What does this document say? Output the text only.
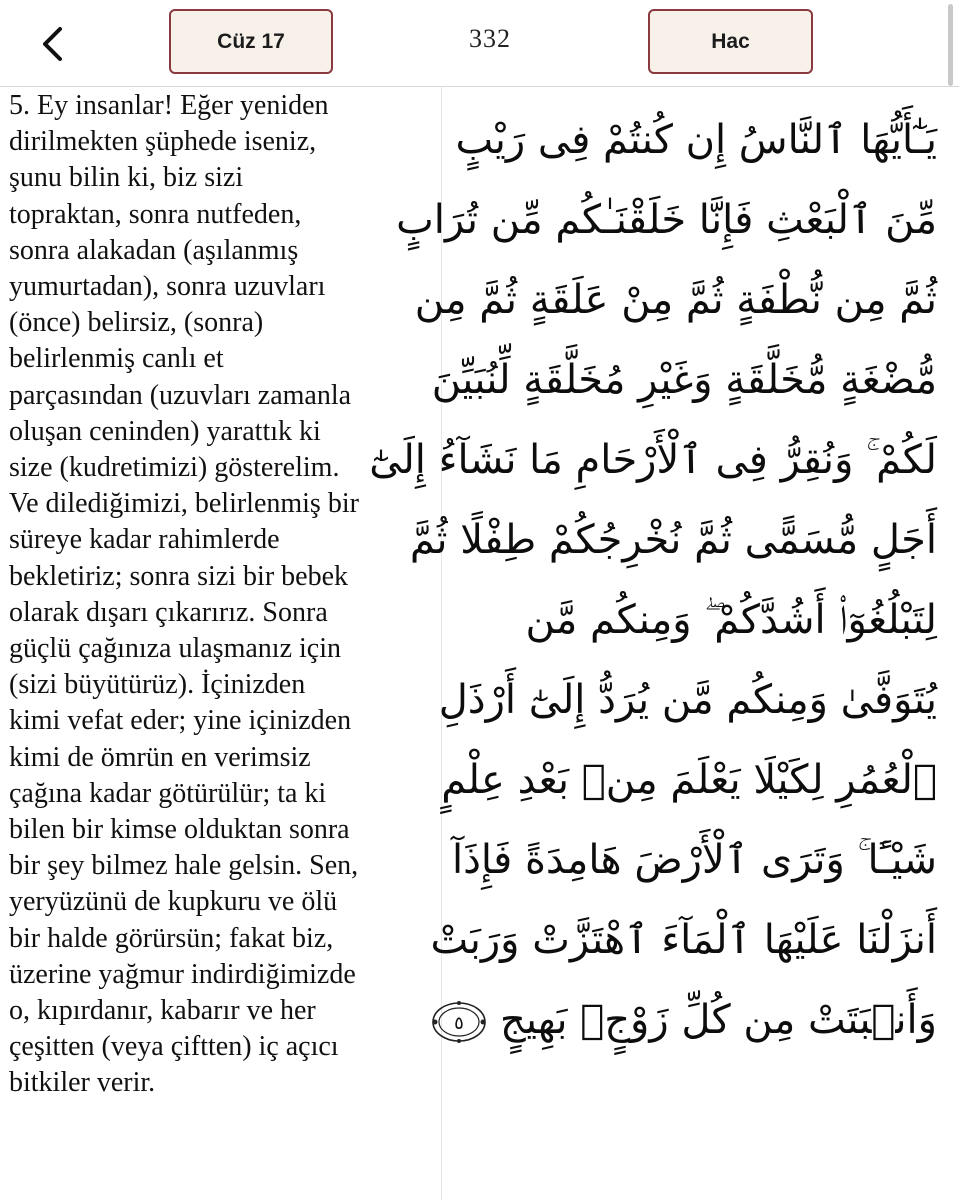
Cüz 17	332	Hac

5. Ey insanlar! Eğer yeniden
dirilmekten şüphede iseniz,
şunu bilin ki, biz sizi
topraktan, sonra nutfeden,
sonra alakadan (aşılanmış
yumurtadan), sonra uzuvları
(önce) belirsiz, (sonra)
belirlenmiş canlı et
parçasından (uzuvları zamanla
oluşan ceninden) yarattık ki
size (kudretimizi) gösterelim.
Ve dilediğimizi, belirlenmiş bir
süreye kadar rahimlerde
bekletiriz; sonra sizi bir bebek
olarak dışarı çıkarırız. Sonra
güçlü çağınıza ulaşmanız için
(sizi büyütürüz). İçinizden
kimi vefat eder; yine içinizden
kimi de ömrün en verimsiz
çağına kadar götürülür; ta ki
bilen bir kimse olduktan sonra
bir şey bilmez hale gelsin. Sen,
yeryüzünü de kupkuru ve ölü
bir halde görürsün; fakat biz,
üzerine yağmur indirdiğimizde
o, kıpırdanır, kabarır ve her
çeşitten (veya çiftten) iç açıcı
bitkiler verir.

يَـٰٓأَيُّهَا ٱلنَّاسُ إِن كُنتُمْ فِى رَيْبٍ
مِّنَ ٱلْبَعْثِ فَإِنَّا خَلَقْنَـٰكُم مِّن تُرَابٍ
ثُمَّ مِن نُّطْفَةٍ ثُمَّ مِنْ عَلَقَةٍ ثُمَّ مِن
مُّضْغَةٍ مُّخَلَّقَةٍ وَغَيْرِ مُخَلَّقَةٍ لِّنُبَيِّنَ
لَكُمْ ۚ وَنُقِرُّ فِى ٱلْأَرْحَامِ مَا نَشَآءُ إِلَىٰٓ
أَجَلٍ مُّسَمًّى ثُمَّ نُخْرِجُكُمْ طِفْلًا ثُمَّ
لِتَبْلُغُوٓا۟ أَشُدَّكُمْ ۖ وَمِنكُم مَّن
يُتَوَفَّىٰ وَمِنكُم مَّن يُرَدُّ إِلَىٰٓ أَرْذَلِ
ٱلْعُمُرِ لِكَيْلَا يَعْلَمَ مِنۢ بَعْدِ عِلْمٍ
شَيْـًٔا ۚ وَتَرَى ٱلْأَرْضَ هَامِدَةً فَإِذَآ
أَنزَلْنَا عَلَيْهَا ٱلْمَآءَ ٱهْتَزَّتْ وَرَبَتْ
وَأَنۢبَتَتْ مِن كُلِّ زَوْجٍۭ بَهِيجٍ
٥
